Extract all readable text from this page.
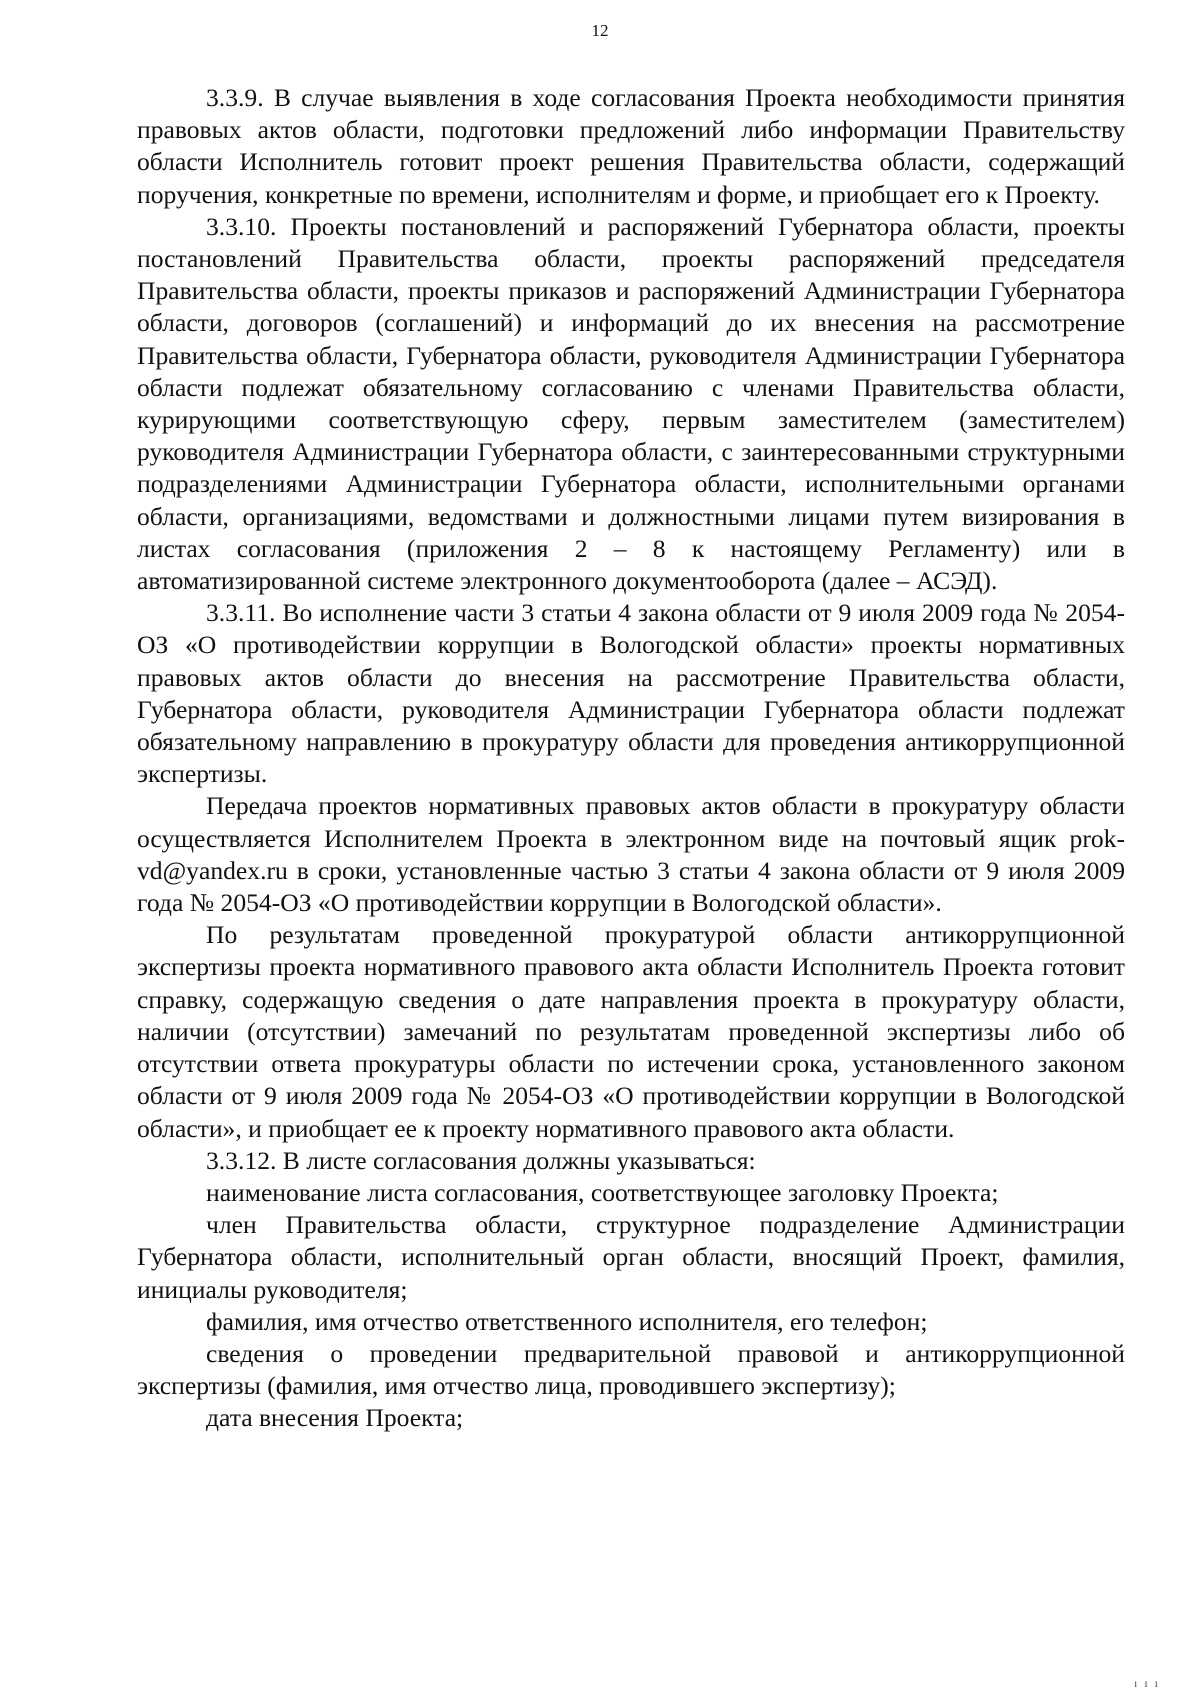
12

3.3.9. В случае выявления в ходе согласования Проекта необходимости принятия правовых актов области, подготовки предложений либо информации Правительству области Исполнитель готовит проект решения Правительства области, содержащий поручения, конкретные по времени, исполнителям и форме, и приобщает его к Проекту.

3.3.10. Проекты постановлений и распоряжений Губернатора области, проекты постановлений Правительства области, проекты распоряжений председателя Правительства области, проекты приказов и распоряжений Администрации Губернатора области, договоров (соглашений) и информаций до их внесения на рассмотрение Правительства области, Губернатора области, руководителя Администрации Губернатора области подлежат обязательному согласованию с членами Правительства области, курирующими соответствующую сферу, первым заместителем (заместителем) руководителя Администрации Губернатора области, с заинтересованными структурными подразделениями Администрации Губернатора области, исполнительными органами области, организациями, ведомствами и должностными лицами путем визирования в листах согласования (приложения 2 – 8 к настоящему Регламенту) или в автоматизированной системе электронного документооборота (далее – АСЭД).

3.3.11. Во исполнение части 3 статьи 4 закона области от 9 июля 2009 года № 2054-ОЗ «О противодействии коррупции в Вологодской области» проекты нормативных правовых актов области до внесения на рассмотрение Правительства области, Губернатора области, руководителя Администрации Губернатора области подлежат обязательному направлению в прокуратуру области для проведения антикоррупционной экспертизы.

Передача проектов нормативных правовых актов области в прокуратуру области осуществляется Исполнителем Проекта в электронном виде на почтовый ящик prok-vd@yandex.ru в сроки, установленные частью 3 статьи 4 закона области от 9 июля 2009 года № 2054-ОЗ «О противодействии коррупции в Вологодской области».

По результатам проведенной прокуратурой области антикоррупционной экспертизы проекта нормативного правового акта области Исполнитель Проекта готовит справку, содержащую сведения о дате направления проекта в прокуратуру области, наличии (отсутствии) замечаний по результатам проведенной экспертизы либо об отсутствии ответа прокуратуры области по истечении срока, установленного законом области от 9 июля 2009 года № 2054-ОЗ «О противодействии коррупции в Вологодской области», и приобщает ее к проекту нормативного правового акта области.

3.3.12. В листе согласования должны указываться:

наименование листа согласования, соответствующее заголовку Проекта;

член Правительства области, структурное подразделение Администрации Губернатора области, исполнительный орган области, вносящий Проект, фамилия, инициалы руководителя;

фамилия, имя отчество ответственного исполнителя, его телефон;

сведения о проведении предварительной правовой и антикоррупционной экспертизы (фамилия, имя отчество лица, проводившего экспертизу);

дата внесения Проекта;

ı ı ı
